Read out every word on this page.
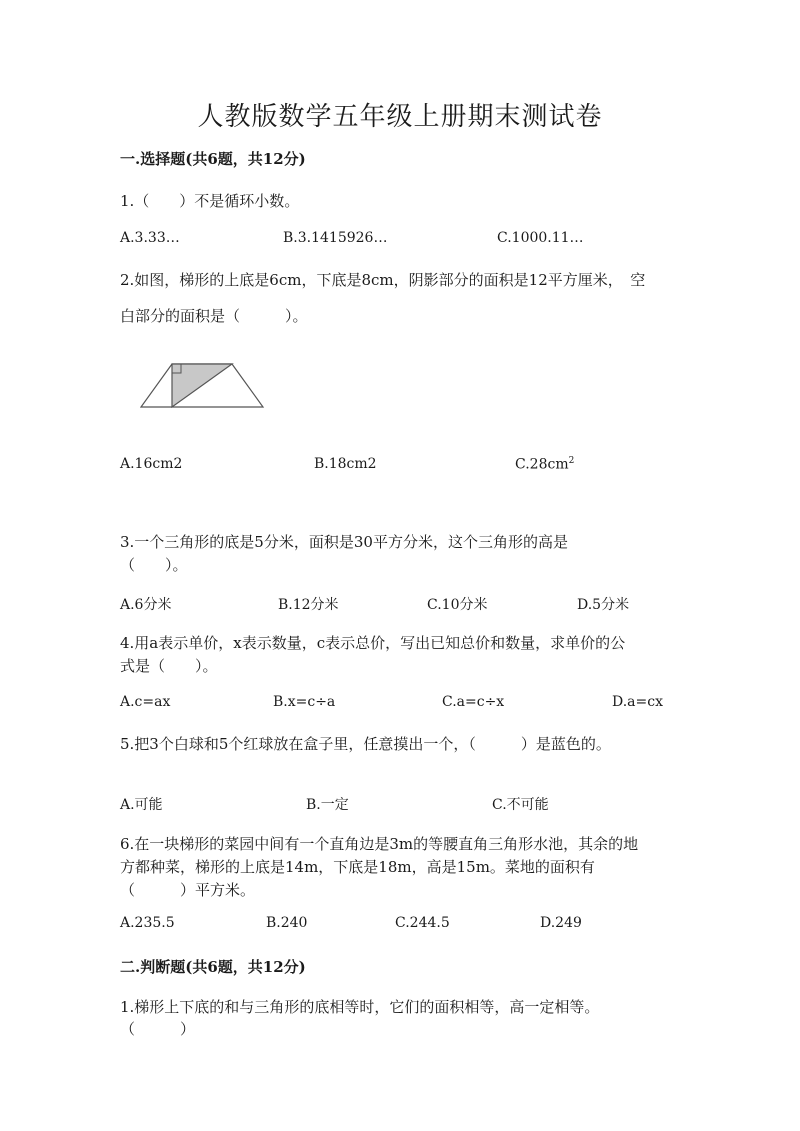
人教版数学五年级上册期末测试卷
一.选择题(共6题，共12分)
1.（　　）不是循环小数。
A.3.33…	B.3.1415926…	C.1000.11…
2.如图，梯形的上底是6cm，下底是8cm，阴影部分的面积是12平方厘米，　空
白部分的面积是（　　　）。
A.16cm2	B.18cm2	$C.28cm^2$
3.一个三角形的底是5分米，面积是30平方分米，这个三角形的高是
（　　）。
A.6分米	B.12分米	C.10分米	D.5分米
4.用a表示单价，x表示数量，c表示总价，写出已知总价和数量，求单价的公
式是（　　）。
A.c=ax	B.x=c÷a	C.a=c÷x	D.a=cx
5.把3个白球和5个红球放在盒子里，任意摸出一个，（　　　）是蓝色的。
A.可能	B.一定	C.不可能
6.在一块梯形的菜园中间有一个直角边是3m的等腰直角三角形水池，其余的地
方都种菜，梯形的上底是14m，下底是18m，高是15m。菜地的面积有
（　　　）平方米。
A.235.5	B.240	C.244.5	D.249
二.判断题(共6题，共12分)
1.梯形上下底的和与三角形的底相等时，它们的面积相等，高一定相等。
（　　　）
